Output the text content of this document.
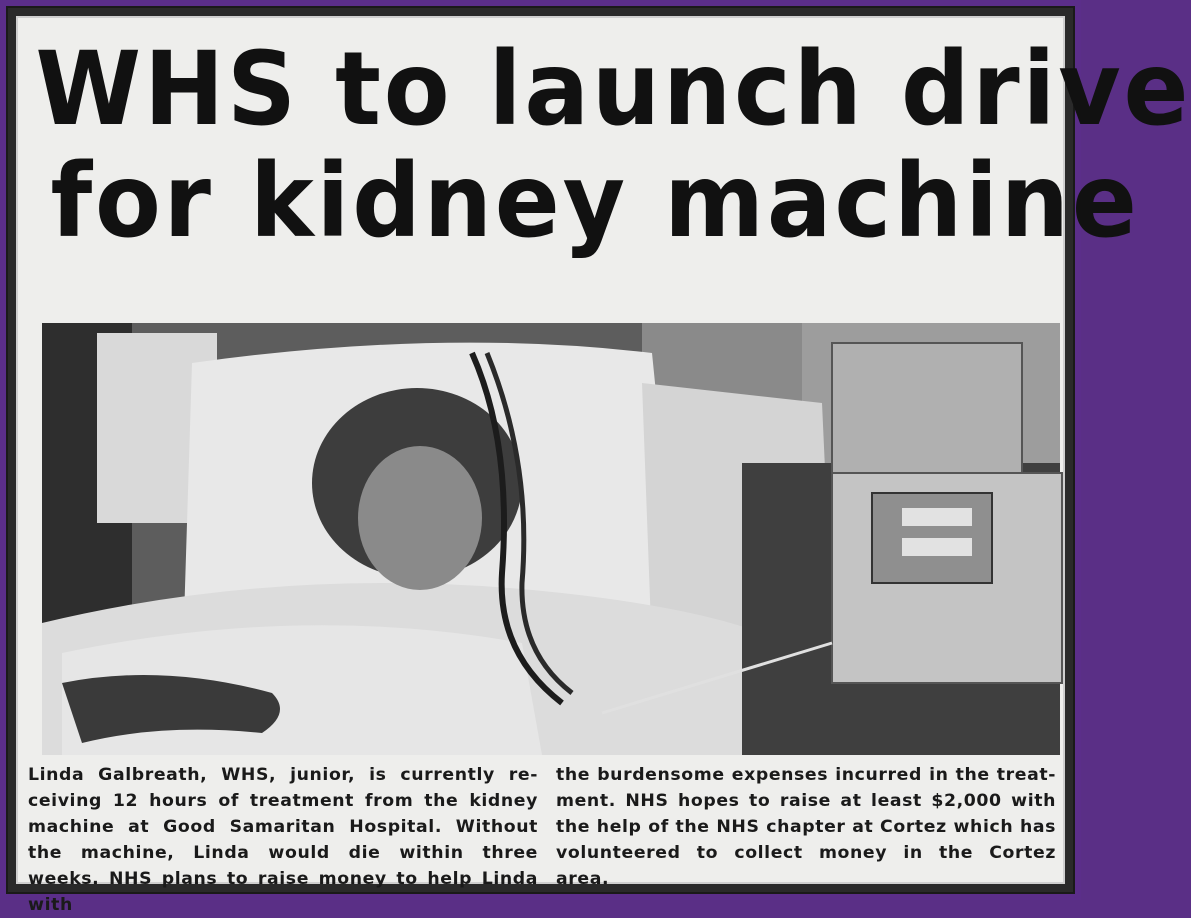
WHS to launch drive
for kidney machine

Linda Galbreath, WHS, junior, is currently re- ceiving 12 hours of treatment from the kidney machine at Good Samaritan Hospital. Without the machine, Linda would die within three weeks. NHS plans to raise money to help Linda with

the burdensome expenses incurred in the treat- ment. NHS hopes to raise at least $2,000 with the help of the NHS chapter at Cortez which has volunteered to collect money in the Cortez area.
